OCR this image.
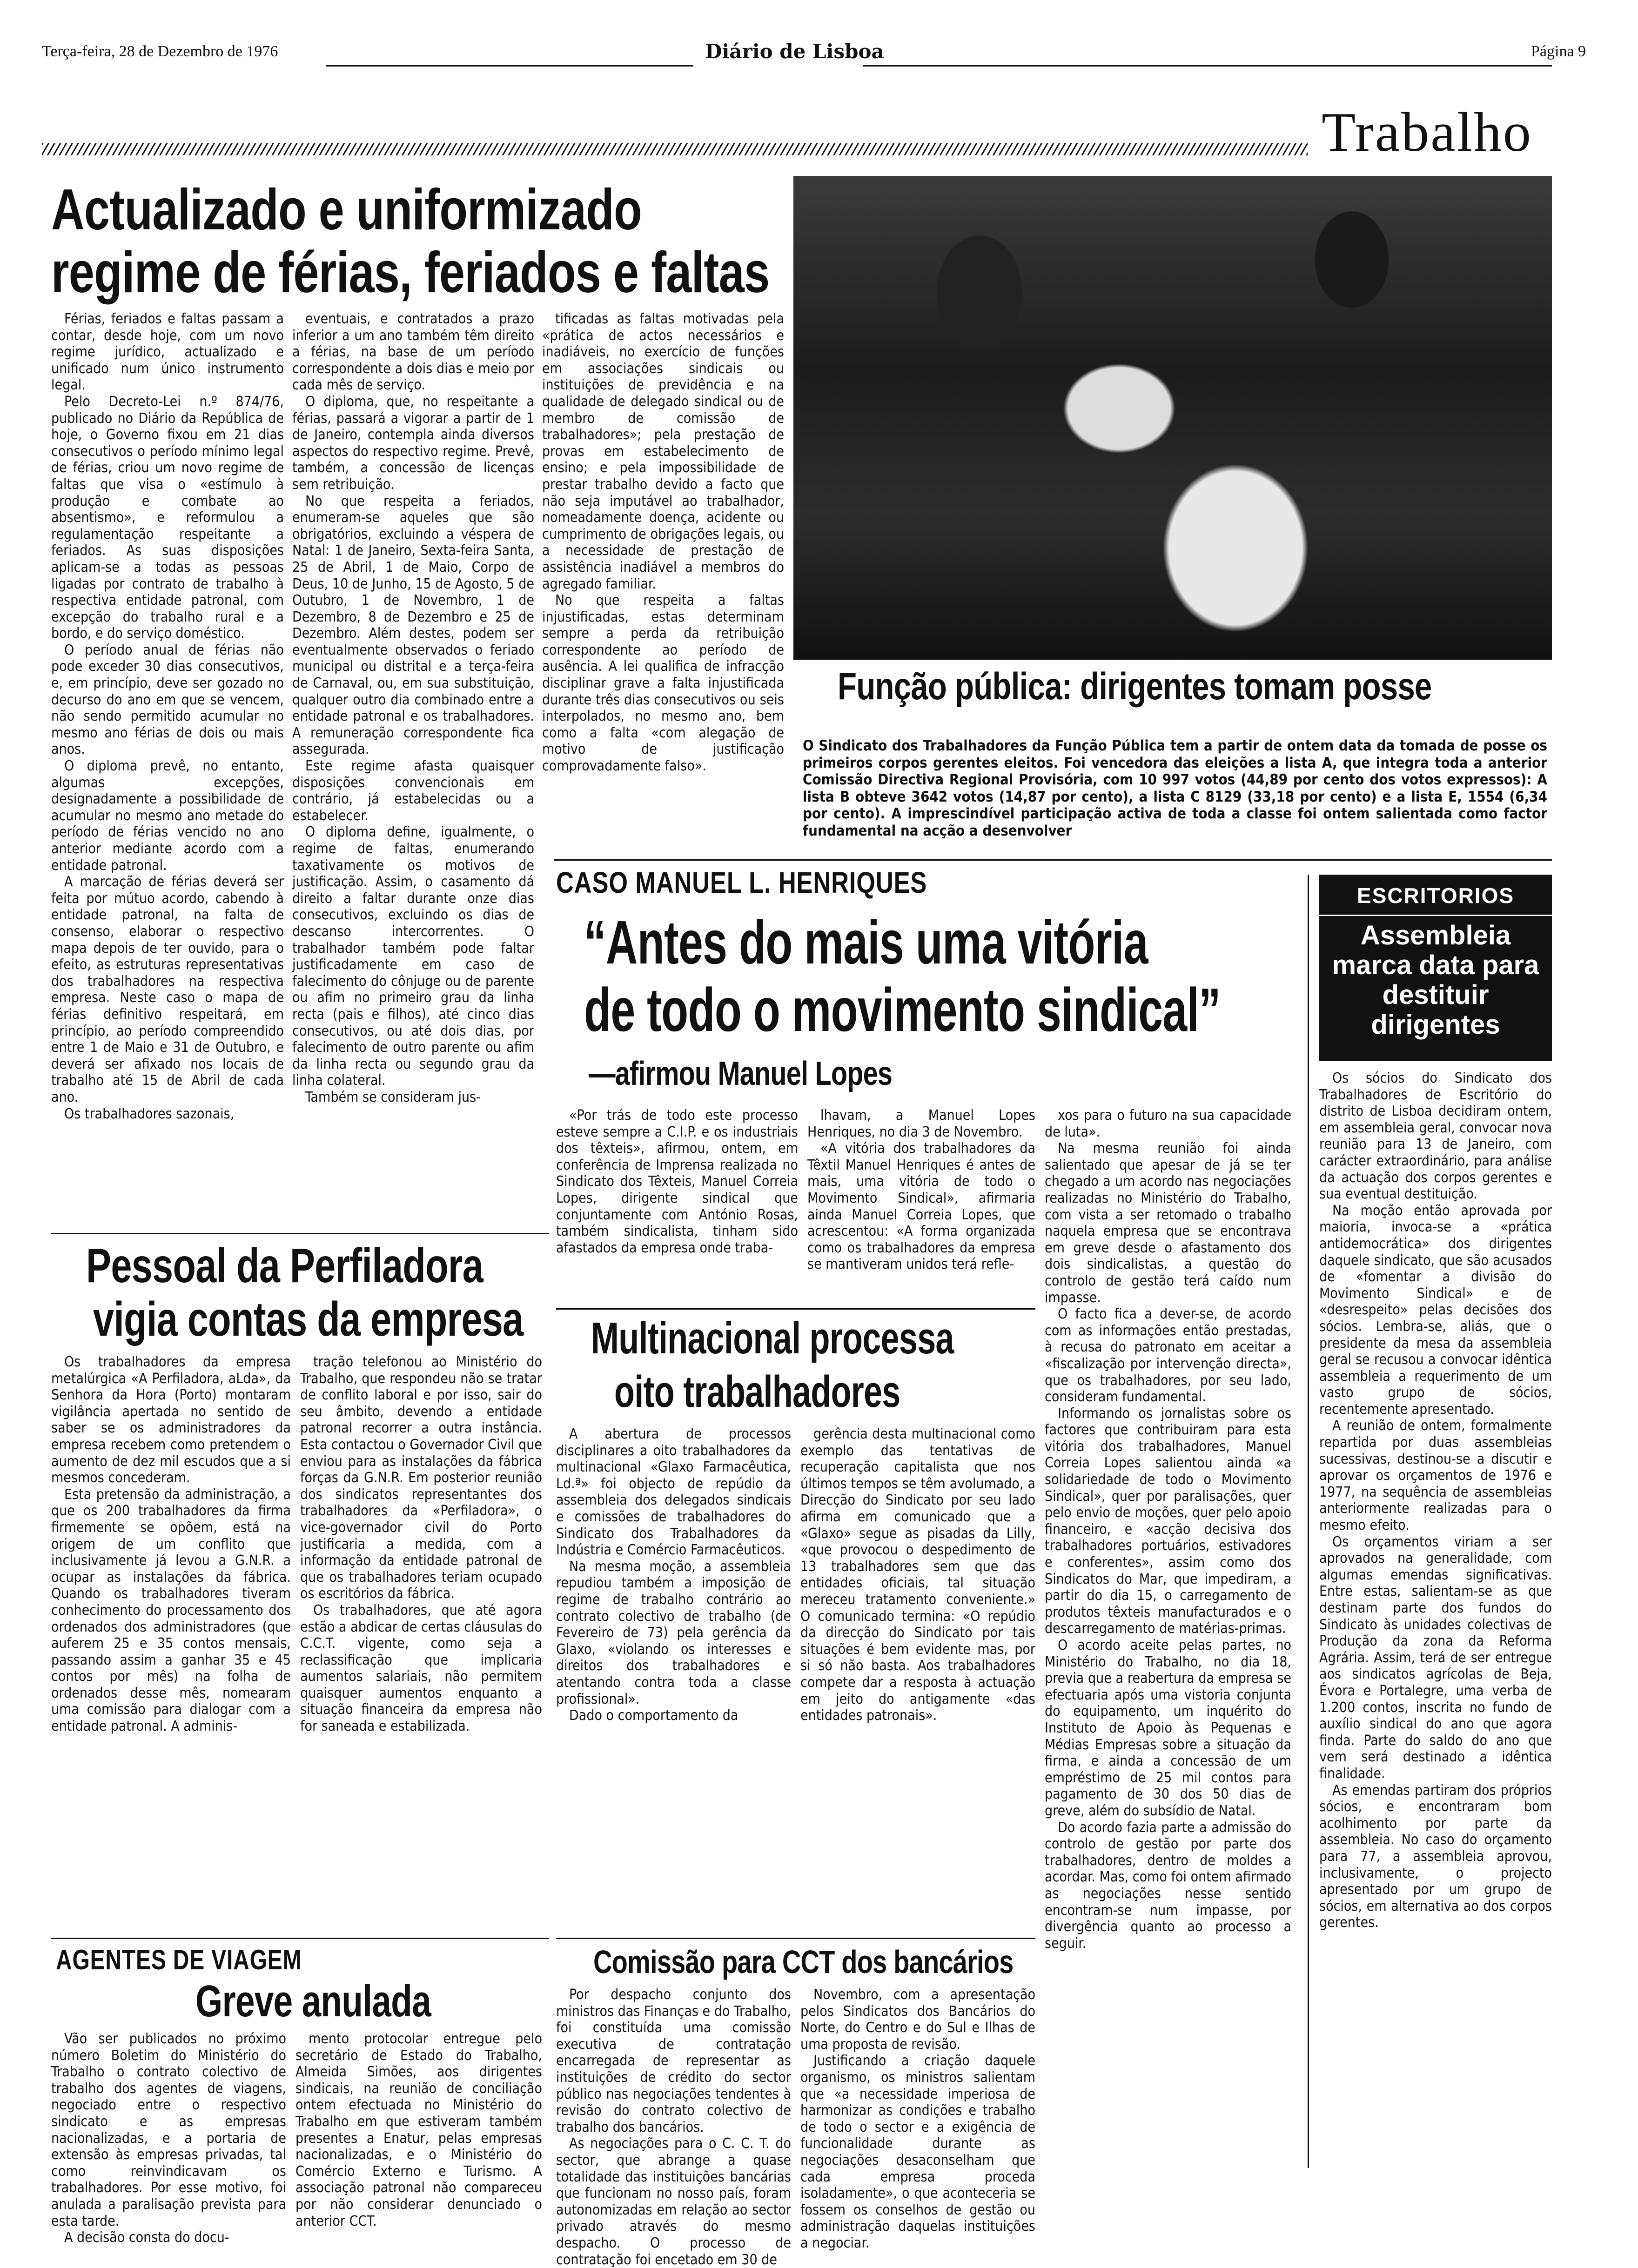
Terça-feira, 28 de Dezembro de 1976	Diário de Lisboa	Página 9
Trabalho
Actualizado e uniformizado
regime de férias, feriados e faltas

Férias, feriados e faltas passam a contar, desde hoje, com um novo regime jurídico, actualizado e unificado num único instrumento legal.

Pelo Decreto-Lei n.º 874/76, publicado no Diário da República de hoje, o Governo fixou em 21 dias consecutivos o período mínimo legal de férias, criou um novo regime de faltas que visa o «estímulo à produção e combate ao absentismo», e reformulou a regulamentação respeitante a feriados. As suas disposições aplicam-se a todas as pessoas ligadas por contrato de trabalho à respectiva entidade patronal, com excepção do trabalho rural e a bordo, e do serviço doméstico.

O período anual de férias não pode exceder 30 dias consecutivos, e, em princípio, deve ser gozado no decurso do ano em que se vencem, não sendo permitido acumular no mesmo ano férias de dois ou mais anos.

O diploma prevê, no entanto, algumas excepções, designadamente a possibilidade de acumular no mesmo ano metade do período de férias vencido no ano anterior mediante acordo com a entidade patronal.

A marcação de férias deverá ser feita por mútuo acordo, cabendo à entidade patronal, na falta de consenso, elaborar o respectivo mapa depois de ter ouvido, para o efeito, as estruturas representativas dos trabalhadores na respectiva empresa. Neste caso o mapa de férias definitivo respeitará, em princípio, ao período compreendido entre 1 de Maio e 31 de Outubro, e deverá ser afixado nos locais de trabalho até 15 de Abril de cada ano.

Os trabalhadores sazonais,

eventuais, e contratados a prazo inferior a um ano também têm direito a férias, na base de um período correspondente a dois dias e meio por cada mês de serviço.

O diploma, que, no respeitante a férias, passará a vigorar a partir de 1 de Janeiro, contempla ainda diversos aspectos do respectivo regime. Prevê, também, a concessão de licenças sem retribuição.

No que respeita a feriados, enumeram-se aqueles que são obrigatórios, excluindo a véspera de Natal: 1 de Janeiro, Sexta-feira Santa, 25 de Abril, 1 de Maio, Corpo de Deus, 10 de Junho, 15 de Agosto, 5 de Outubro, 1 de Novembro, 1 de Dezembro, 8 de Dezembro e 25 de Dezembro. Além destes, podem ser eventualmente observados o feriado municipal ou distrital e a terça-feira de Carnaval, ou, em sua substituição, qualquer outro dia combinado entre a entidade patronal e os trabalhadores. A remuneração correspondente fica assegurada.

Este regime afasta quaisquer disposições convencionais em contrário, já estabelecidas ou a estabelecer.

O diploma define, igualmente, o regime de faltas, enumerando taxativamente os motivos de justificação. Assim, o casamento dá direito a faltar durante onze dias consecutivos, excluindo os dias de descanso intercorrentes. O trabalhador também pode faltar justificadamente em caso de falecimento do cônjuge ou de parente ou afim no primeiro grau da linha recta (pais e filhos), até cinco dias consecutivos, ou até dois dias, por falecimento de outro parente ou afim da linha recta ou segundo grau da linha colateral.

Também se consideram jus-

tificadas as faltas motivadas pela «prática de actos necessários e inadiáveis, no exercício de funções em associações sindicais ou instituições de previdência e na qualidade de delegado sindical ou de membro de comissão de trabalhadores»; pela prestação de provas em estabelecimento de ensino; e pela impossibilidade de prestar trabalho devido a facto que não seja imputável ao trabalhador, nomeadamente doença, acidente ou cumprimento de obrigações legais, ou a necessidade de prestação de assistência inadiável a membros do agregado familiar.

No que respeita a faltas injustificadas, estas determinam sempre a perda da retribuição correspondente ao período de ausência. A lei qualifica de infracção disciplinar grave a falta injustificada durante três dias consecutivos ou seis interpolados, no mesmo ano, bem como a falta «com alegação de motivo de justificação comprovadamente falso».

Função pública: dirigentes tomam posse
O Sindicato dos Trabalhadores da Função Pública tem a partir de ontem data da tomada de posse os primeiros corpos gerentes eleitos. Foi vencedora das eleições a lista A, que integra toda a anterior Comissão Directiva Regional Provisória, com 10 997 votos (44,89 por cento dos votos expressos): A lista B obteve 3642 votos (14,87 por cento), a lista C 8129 (33,18 por cento) e a lista E, 1554 (6,34 por cento). A imprescindível participação activa de toda a classe foi ontem salientada como factor fundamental na acção a desenvolver
CASO MANUEL L. HENRIQUES
“Antes do mais uma vitória
de todo o movimento sindical”
—afirmou Manuel Lopes

«Por trás de todo este processo esteve sempre a C.I.P. e os industriais dos têxteis», afirmou, ontem, em conferência de Imprensa realizada no Sindicato dos Têxteis, Manuel Correia Lopes, dirigente sindical que conjuntamente com António Rosas, também sindicalista, tinham sido afastados da empresa onde traba-

lhavam, a Manuel Lopes Henriques, no dia 3 de Novembro.

«A vitória dos trabalhadores da Têxtil Manuel Henriques é antes de mais, uma vitória de todo o Movimento Sindical», afirmaria ainda Manuel Correia Lopes, que acrescentou: «A forma organizada como os trabalhadores da empresa se mantiveram unidos terá refle-

xos para o futuro na sua capacidade de luta».

Na mesma reunião foi ainda salientado que apesar de já se ter chegado a um acordo nas negociações realizadas no Ministério do Trabalho, com vista a ser retomado o trabalho naquela empresa que se encontrava em greve desde o afastamento dos dois sindicalistas, a questão do controlo de gestão terá caído num impasse.

O facto fica a dever-se, de acordo com as informações então prestadas, à recusa do patronato em aceitar a «fiscalização por intervenção directa», que os trabalhadores, por seu lado, consideram fundamental.

Informando os jornalistas sobre os factores que contribuiram para esta vitória dos trabalhadores, Manuel Correia Lopes salientou ainda «a solidariedade de todo o Movimento Sindical», quer por paralisações, quer pelo envio de moções, quer pelo apoio financeiro, e «acção decisiva dos trabalhadores portuários, estivadores e conferentes», assim como dos Sindicatos do Mar, que impediram, a partir do dia 15, o carregamento de produtos têxteis manufacturados e o descarregamento de matérias-primas.

O acordo aceite pelas partes, no Ministério do Trabalho, no dia 18, previa que a reabertura da empresa se efectuaria após uma vistoria conjunta do equipamento, um inquérito do Instituto de Apoio às Pequenas e Médias Empresas sobre a situação da firma, e ainda a concessão de um empréstimo de 25 mil contos para pagamento de 30 dos 50 dias de greve, além do subsídio de Natal.

Do acordo fazia parte a admissão do controlo de gestão por parte dos trabalhadores, dentro de moldes a acordar. Mas, como foi ontem afirmado as negociações nesse sentido encontram-se num impasse, por divergência quanto ao processo a seguir.

ESCRITORIOS
Assembleia marca data para destituir dirigentes

Os sócios do Sindicato dos Trabalhadores de Escritório do distrito de Lisboa decidiram ontem, em assembleia geral, convocar nova reunião para 13 de Janeiro, com carácter extraordinário, para análise da actuação dos corpos gerentes e sua eventual destituição.

Na moção então aprovada por maioria, invoca-se a «prática antidemocrática» dos dirigentes daquele sindicato, que são acusados de «fomentar a divisão do Movimento Sindical» e de «desrespeito» pelas decisões dos sócios. Lembra-se, aliás, que o presidente da mesa da assembleia geral se recusou a convocar idêntica assembleia a requerimento de um vasto grupo de sócios, recentemente apresentado.

A reunião de ontem, formalmente repartida por duas assembleias sucessivas, destinou-se a discutir e aprovar os orçamentos de 1976 e 1977, na sequência de assembleias anteriormente realizadas para o mesmo efeito.

Os orçamentos viriam a ser aprovados na generalidade, com algumas emendas significativas. Entre estas, salientam-se as que destinam parte dos fundos do Sindicato às unidades colectivas de Produção da zona da Reforma Agrária. Assim, terá de ser entregue aos sindicatos agrícolas de Beja, Évora e Portalegre, uma verba de 1.200 contos, inscrita no fundo de auxílio sindical do ano que agora finda. Parte do saldo do ano que vem será destinado a idêntica finalidade.

As emendas partiram dos próprios sócios, e encontraram bom acolhimento por parte da assembleia. No caso do orçamento para 77, a assembleia aprovou, inclusivamente, o projecto apresentado por um grupo de sócios, em alternativa ao dos corpos gerentes.

Pessoal da Perfiladora
vigia contas da empresa

Os trabalhadores da empresa metalúrgica «A Perfiladora, aLda», da Senhora da Hora (Porto) montaram vigilância apertada no sentido de saber se os administradores da empresa recebem como pretendem o aumento de dez mil escudos que a si mesmos concederam.

Esta pretensão da administração, a que os 200 trabalhadores da firma firmemente se opõem, está na origem de um conflito que inclusivamente já levou a G.N.R. a ocupar as instalações da fábrica. Quando os trabalhadores tiveram conhecimento do processamento dos ordenados dos administradores (que auferem 25 e 35 contos mensais, passando assim a ganhar 35 e 45 contos por mês) na folha de ordenados desse mês, nomearam uma comissão para dialogar com a entidade patronal. A adminis-

tração telefonou ao Ministério do Trabalho, que respondeu não se tratar de conflito laboral e por isso, sair do seu âmbito, devendo a entidade patronal recorrer a outra instância. Esta contactou o Governador Civil que enviou para as instalações da fábrica forças da G.N.R. Em posterior reunião dos sindicatos representantes dos trabalhadores da «Perfiladora», o vice-governador civil do Porto justificaria a medida, com a informação da entidade patronal de que os trabalhadores teriam ocupado os escritórios da fábrica.

Os trabalhadores, que até agora estão a abdicar de certas cláusulas do C.C.T. vigente, como seja a reclassificação que implicaria aumentos salariais, não permitem quaisquer aumentos enquanto a situação financeira da empresa não for saneada e estabilizada.

Multinacional processa
oito trabalhadores

A abertura de processos disciplinares a oito trabalhadores da multinacional «Glaxo Farmacêutica, Ld.ª» foi objecto de repúdio da assembleia dos delegados sindicais e comissões de trabalhadores do Sindicato dos Trabalhadores da Indústria e Comércio Farmacêuticos.

Na mesma moção, a assembleia repudiou também a imposição de regime de trabalho contrário ao contrato colectivo de trabalho (de Fevereiro de 73) pela gerência da Glaxo, «violando os interesses e direitos dos trabalhadores e atentando contra toda a classe profissional».

Dado o comportamento da

gerência desta multinacional como exemplo das tentativas de recuperação capitalista que nos últimos tempos se têm avolumado, a Direcção do Sindicato por seu lado afirma em comunicado que a «Glaxo» segue as pisadas da Lilly, «que provocou o despedimento de 13 trabalhadores sem que das entidades oficiais, tal situação mereceu tratamento conveniente.» O comunicado termina: «O repúdio da direcção do Sindicato por tais situações é bem evidente mas, por si só não basta. Aos trabalhadores compete dar a resposta à actuação em jeito do antigamente «das entidades patronais».

AGENTES DE VIAGEM
Greve anulada

Vão ser publicados no próximo número Boletim do Ministério do Trabalho o contrato colectivo de trabalho dos agentes de viagens, negociado entre o respectivo sindicato e as empresas nacionalizadas, e a portaria de extensão às empresas privadas, tal como reinvindicavam os trabalhadores. Por esse motivo, foi anulada a paralisação prevista para esta tarde.

A decisão consta do docu-

mento protocolar entregue pelo secretário de Estado do Trabalho, Almeida Simões, aos dirigentes sindicais, na reunião de conciliação ontem efectuada no Ministério do Trabalho em que estiveram também presentes a Enatur, pelas empresas nacionalizadas, e o Ministério do Comércio Externo e Turismo. A associação patronal não compareceu por não considerar denunciado o anterior CCT.

Comissão para CCT dos bancários

Por despacho conjunto dos ministros das Finanças e do Trabalho, foi constituída uma comissão executiva de contratação encarregada de representar as instituições de crédito do sector público nas negociações tendentes à revisão do contrato colectivo de trabalho dos bancários.

As negociações para o C. C. T. do sector, que abrange a quase totalidade das instituições bancárias que funcionam no nosso país, foram autonomizadas em relação ao sector privado através do mesmo despacho. O processo de contratação foi encetado em 30 de

Novembro, com a apresentação pelos Sindicatos dos Bancários do Norte, do Centro e do Sul e Ilhas de uma proposta de revisão.

Justificando a criação daquele organismo, os ministros salientam que «a necessidade imperiosa de harmonizar as condições e trabalho de todo o sector e a exigência de funcionalidade durante as negociações desaconselham que cada empresa proceda isoladamente», o que aconteceria se fossem os conselhos de gestão ou administração daquelas instituições a negociar.
